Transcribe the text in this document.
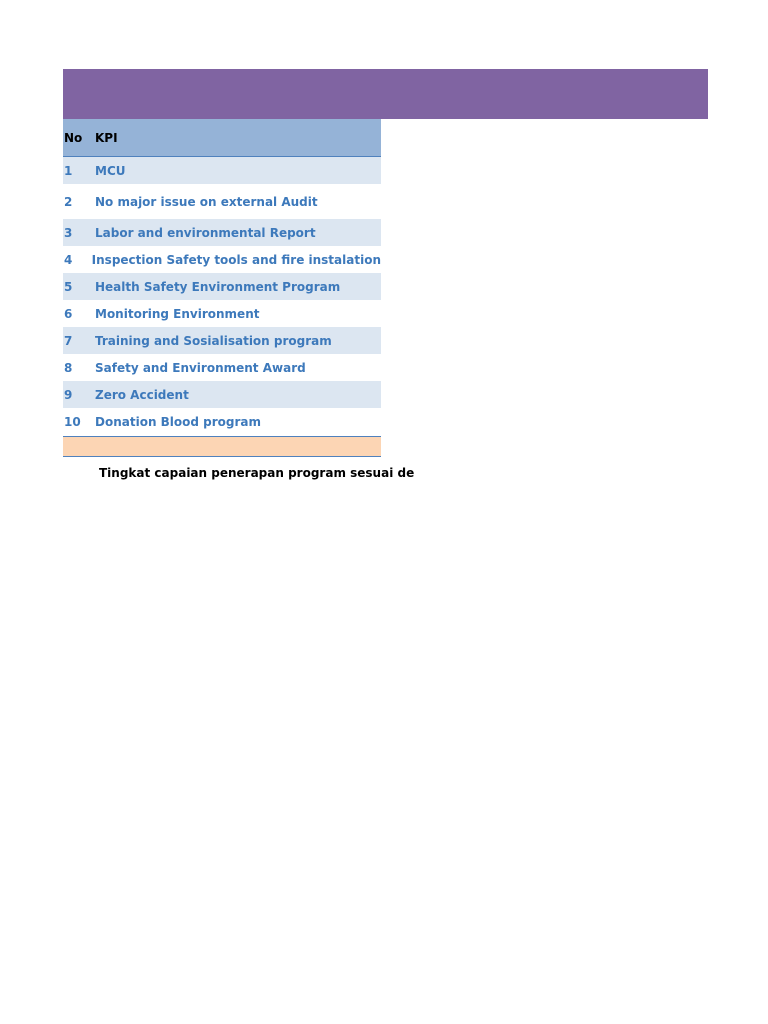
No	KPI
1	MCU
2	No major issue on external Audit
3	Labor and environmental Report
4	Inspection Safety tools and fire instalation
5	Health Safety Environment Program
6	Monitoring Environment
7	Training and Sosialisation program
8	Safety and Environment Award
9	Zero Accident
10	Donation Blood program
Tingkat capaian penerapan program sesuai de
